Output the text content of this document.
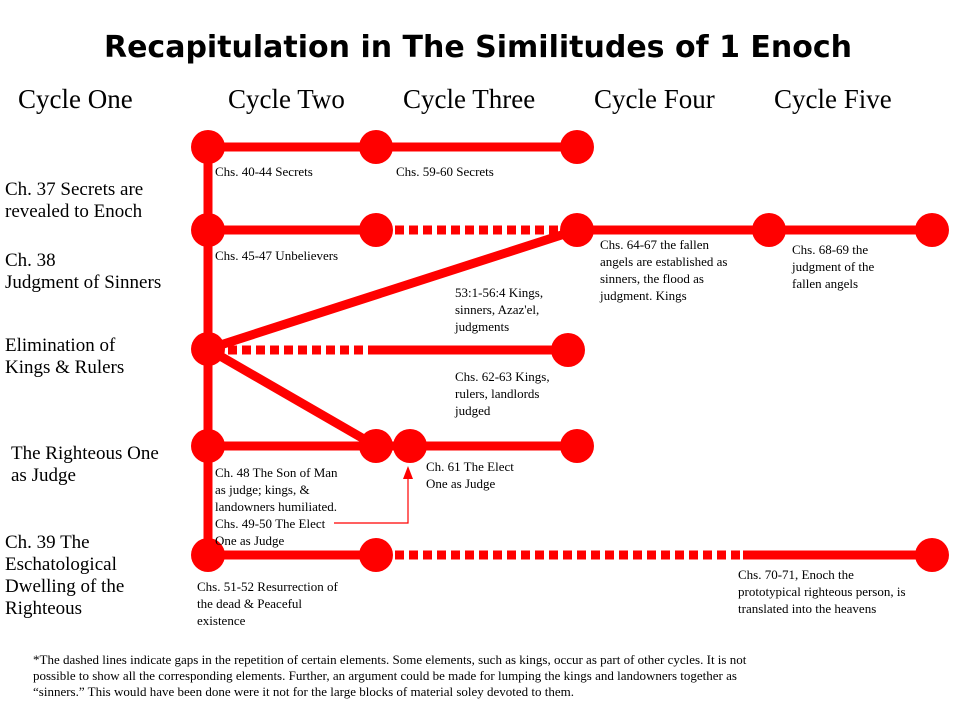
Recapitulation in The Similitudes of 1 Enoch
Cycle One	Cycle Two Cycle Three Cycle Four Cycle Five
Ch. 37 Secrets are revealed to Enoch
Ch. 38 Judgment of Sinners
Elimination of Kings & Rulers
The Righteous One as Judge
Ch. 39 The Eschatological Dwelling of the Righteous
Chs. 40-44 Secrets	Chs. 59-60 Secrets
Chs. 45-47 Unbelievers
Chs. 64-67 the fallen angels are established as sinners, the flood as judgment. Kings
Chs. 68-69 the judgment of the fallen angels
53:1-56:4 Kings, sinners, Azaz'el, judgments
Chs. 62-63 Kings, rulers, landlords judged
Ch. 48 The Son of Man as judge; kings, & landowners humiliated. Chs. 49-50 The Elect One as Judge
Ch. 61 The Elect One as Judge
Chs. 51-52 Resurrection of the dead & Peaceful existence
Chs. 70-71, Enoch the prototypical righteous person, is translated into the heavens
*The dashed lines indicate gaps in the repetition of certain elements. Some elements, such as kings, occur as part of other cycles. It is not possible to show all the corresponding elements. Further, an argument could be made for lumping the kings and landowners together as “sinners.” This would have been done were it not for the large blocks of material soley devoted to them.
